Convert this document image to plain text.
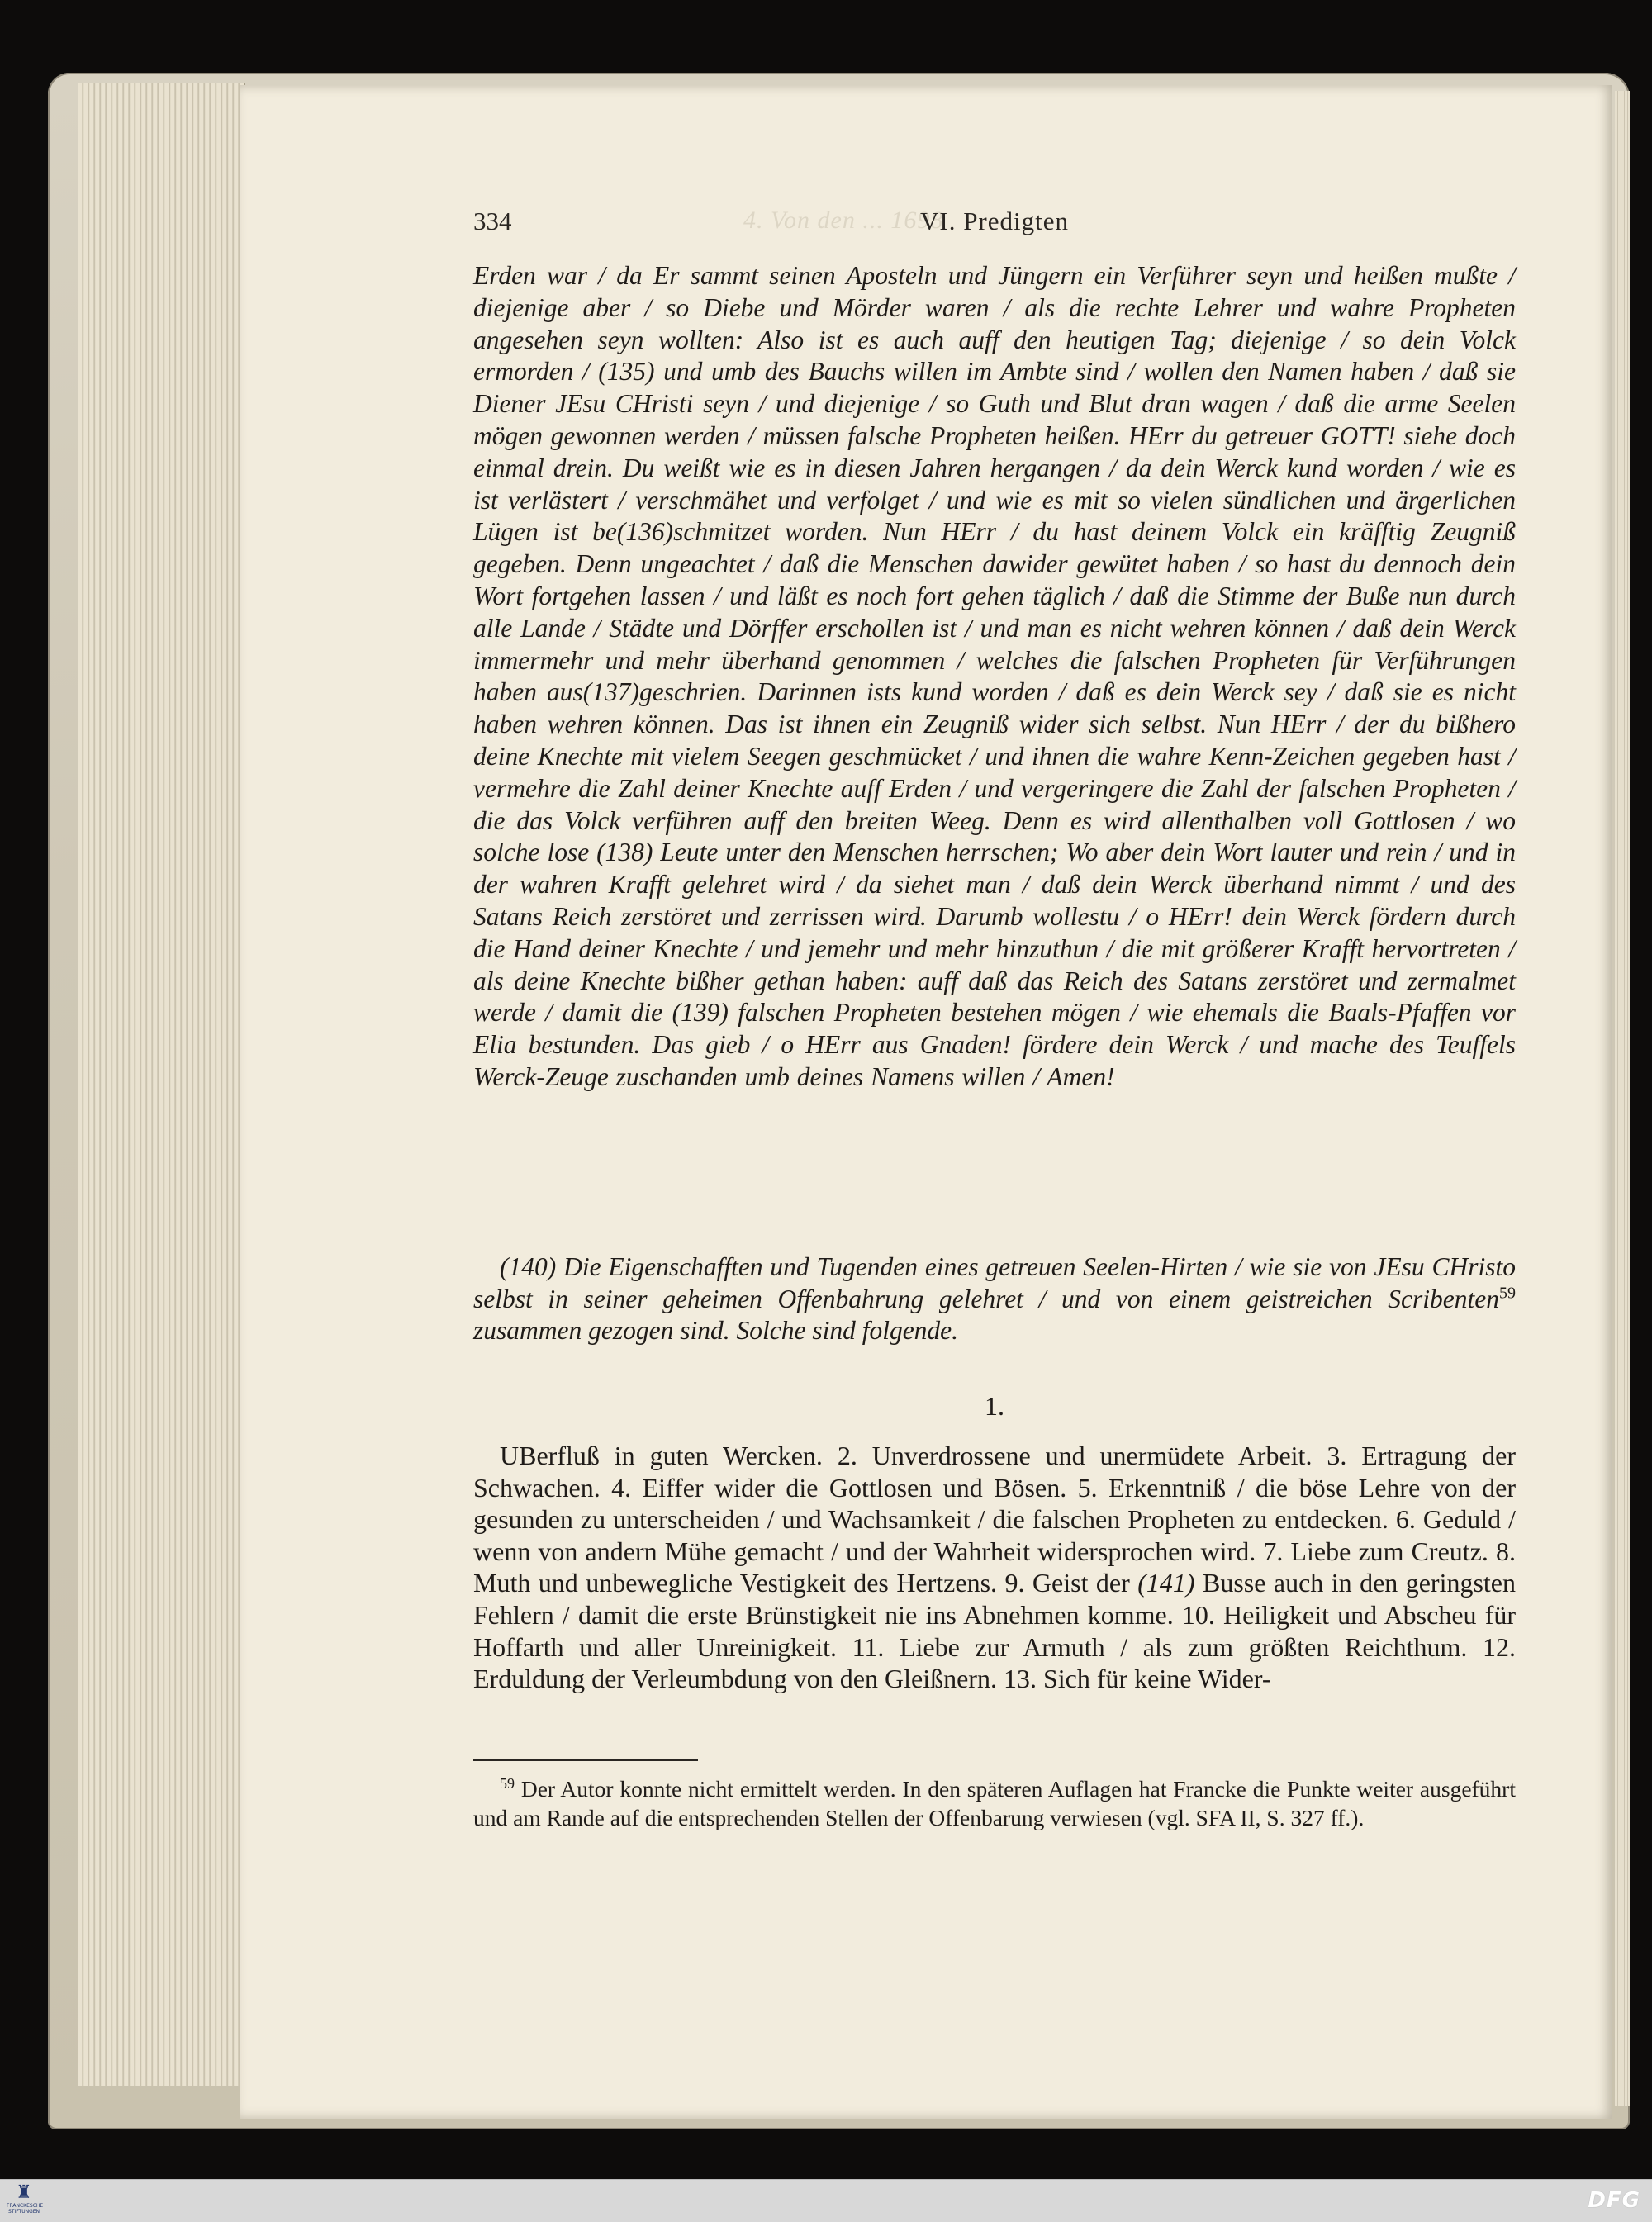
4. Von den ... 1698
334	VI. Predigten

Erden war / da Er sammt seinen Aposteln und Jüngern ein Verführer seyn und heißen mußte / diejenige aber / so Diebe und Mörder waren / als die rechte Lehrer und wahre Propheten angesehen seyn wollten: Also ist es auch auff den heutigen Tag; diejenige / so dein Volck ermorden / (135) und umb des Bauchs willen im Ambte sind / wollen den Namen haben / daß sie Diener JEsu CHristi seyn / und diejenige / so Guth und Blut dran wagen / daß die arme Seelen mögen gewonnen werden / müssen falsche Propheten heißen. HErr du getreuer GOTT! siehe doch einmal drein. Du weißt wie es in diesen Jahren hergangen / da dein Werck kund worden / wie es ist verlästert / verschmähet und verfolget / und wie es mit so vielen sündlichen und ärgerlichen Lügen ist be(136)schmitzet worden. Nun HErr / du hast deinem Volck ein kräfftig Zeugniß gegeben. Denn ungeachtet / daß die Menschen dawider gewütet haben / so hast du dennoch dein Wort fortgehen lassen / und läßt es noch fort gehen täglich / daß die Stimme der Buße nun durch alle Lande / Städte und Dörffer erschollen ist / und man es nicht wehren können / daß dein Werck immermehr und mehr überhand genommen / welches die falschen Propheten für Verführungen haben aus(137)geschrien. Darinnen ists kund worden / daß es dein Werck sey / daß sie es nicht haben wehren können. Das ist ihnen ein Zeugniß wider sich selbst. Nun HErr / der du bißhero deine Knechte mit vielem Seegen geschmücket / und ihnen die wahre Kenn-Zeichen gegeben hast / vermehre die Zahl deiner Knechte auff Erden / und vergeringere die Zahl der falschen Propheten / die das Volck verführen auff den breiten Weeg. Denn es wird allenthalben voll Gottlosen / wo solche lose (138) Leute unter den Menschen herrschen; Wo aber dein Wort lauter und rein / und in der wahren Krafft gelehret wird / da siehet man / daß dein Werck überhand nimmt / und des Satans Reich zerstöret und zerrissen wird. Darumb wollestu / o HErr! dein Werck fördern durch die Hand deiner Knechte / und jemehr und mehr hinzuthun / die mit größerer Krafft hervortreten / als deine Knechte bißher gethan haben: auff daß das Reich des Satans zerstöret und zermalmet werde / damit die (139) falschen Propheten bestehen mögen / wie ehemals die Baals-Pfaffen vor Elia bestunden. Das gieb / o HErr aus Gnaden! fördere dein Werck / und mache des Teuffels Werck-Zeuge zuschanden umb deines Namens willen / Amen!

(140) Die Eigenschafften und Tugenden eines getreuen Seelen-Hirten / wie sie von JEsu CHristo selbst in seiner geheimen Offenbahrung gelehret / und von einem geistreichen Scribenten$^{59}$ zusammen gezogen sind. Solche sind folgende.

1.

UBerfluß in guten Wercken. 2. Unverdrossene und unermüdete Arbeit. 3. Ertragung der Schwachen. 4. Eiffer wider die Gottlosen und Bösen. 5. Erkenntniß / die böse Lehre von der gesunden zu unterscheiden / und Wachsamkeit / die falschen Propheten zu entdecken. 6. Geduld / wenn von andern Mühe gemacht / und der Wahrheit widersprochen wird. 7. Liebe zum Creutz. 8. Muth und unbewegliche Vestigkeit des Hertzens. 9. Geist der (141) Busse auch in den geringsten Fehlern / damit die erste Brünstigkeit nie ins Abnehmen komme. 10. Heiligkeit und Abscheu für Hoffarth und aller Unreinigkeit. 11. Liebe zur Armuth / als zum größten Reichthum. 12. Erduldung der Verleumbdung von den Gleißnern. 13. Sich für keine Wider-

$^{59}$ Der Autor konnte nicht ermittelt werden. In den späteren Auflagen hat Francke die Punkte weiter ausgeführt und am Rande auf die entsprechenden Stellen der Offenbarung verwiesen (vgl. SFA II, S. 327 ff.).

♜
FRANCKESCHE STIFTUNGEN	DFG
